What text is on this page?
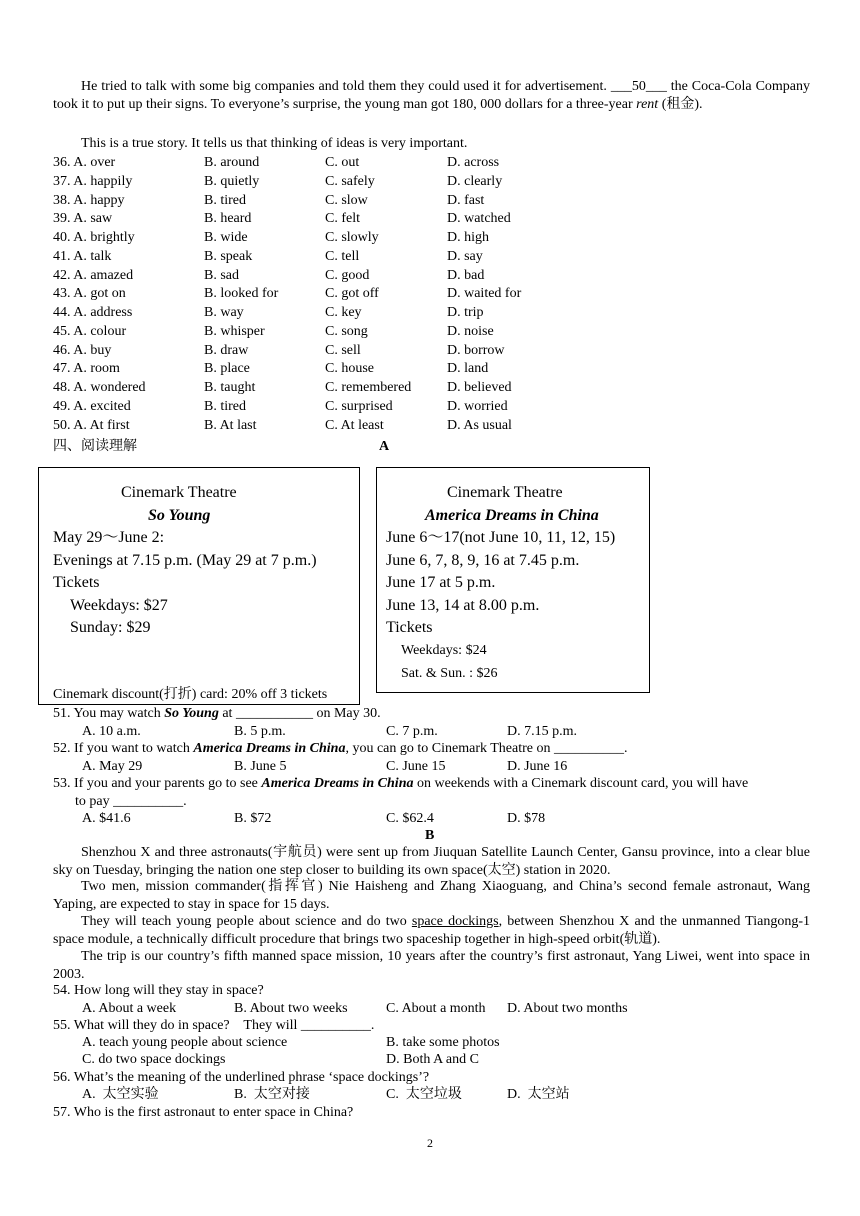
He tried to talk with some big companies and told them they could used it for advertisement. ___50___ the Coca-Cola Company took it to put up their signs. To everyone’s surprise, the young man got 180, 000 dollars for a three-year rent (租金).
This is a true story. It tells us that thinking of ideas is very important.
36. A. over	B. around	C. out	D. across
37. A. happily	B. quietly	C. safely	D. clearly
38. A. happy	B. tired	C. slow	D. fast
39. A. saw	B. heard	C. felt	D. watched
40. A. brightly	B. wide	C. slowly	D. high
41. A. talk	B. speak	C. tell	D. say
42. A. amazed	B. sad	C. good	D. bad
43. A. got on	B. looked for	C. got off	D. waited for
44. A. address	B. way	C. key	D. trip
45. A. colour	B. whisper	C. song	D. noise
46. A. buy	B. draw	C. sell	D. borrow
47. A. room	B. place	C. house	D. land
48. A. wondered	B. taught	C. remembered	D. believed
49. A. excited	B. tired	C. surprised	D. worried
50. A. At first	B. At last	C. At least	D. As usual
四、阅读理解	A
Cinemark Theatre
So Young
May 29～June 2:
Evenings at 7.15 p.m. (May 29 at 7 p.m.)
Tickets
Weekdays: $27
Sunday: $29
Cinemark discount(打折) card: 20% off 3 tickets
Cinemark Theatre
America Dreams in China
June 6～17(not June 10, 11, 12, 15)
June 6, 7, 8, 9, 16 at 7.45 p.m.
June 17 at 5 p.m.
June 13, 14 at 8.00 p.m.
Tickets
Weekdays: $24
Sat. & Sun. : $26
51. You may watch So Young at ___________ on May 30.
A. 10 a.m.	B. 5 p.m.	C. 7 p.m.	D. 7.15 p.m.
52. If you want to watch America Dreams in China, you can go to Cinemark Theatre on __________.
A. May 29	B. June 5	C. June 15	D. June 16
53. If you and your parents go to see America Dreams in China on weekends with a Cinemark discount card, you will have
to pay __________.
A. $41.6	B. $72	C. $62.4	D. $78
B
Shenzhou X and three astronauts(宇航员) were sent up from Jiuquan Satellite Launch Center, Gansu province, into a clear blue sky on Tuesday, bringing the nation one step closer to building its own space(太空) station in 2020.
Two men, mission commander(指挥官) Nie Haisheng and Zhang Xiaoguang, and China’s second female astronaut, Wang Yaping, are expected to stay in space for 15 days.
They will teach young people about science and do two space dockings, between Shenzhou X and the unmanned Tiangong-1 space module, a technically difficult procedure that brings two spaceship together in high-speed orbit(轨道).
The trip is our country’s fifth manned space mission, 10 years after the country’s first astronaut, Yang Liwei, went into space in 2003.
54. How long will they stay in space?
A. About a week	B. About two weeks	C. About a month D. About two months
55. What will they do in space?    They will __________.
A. teach young people about science	B. take some photos
C. do two space dockings	D. Both A and C
56. What’s the meaning of the underlined phrase ‘space dockings’?
A.  太空实验	B.  太空对接	C.  太空垃圾	D.  太空站
57. Who is the first astronaut to enter space in China?
2
